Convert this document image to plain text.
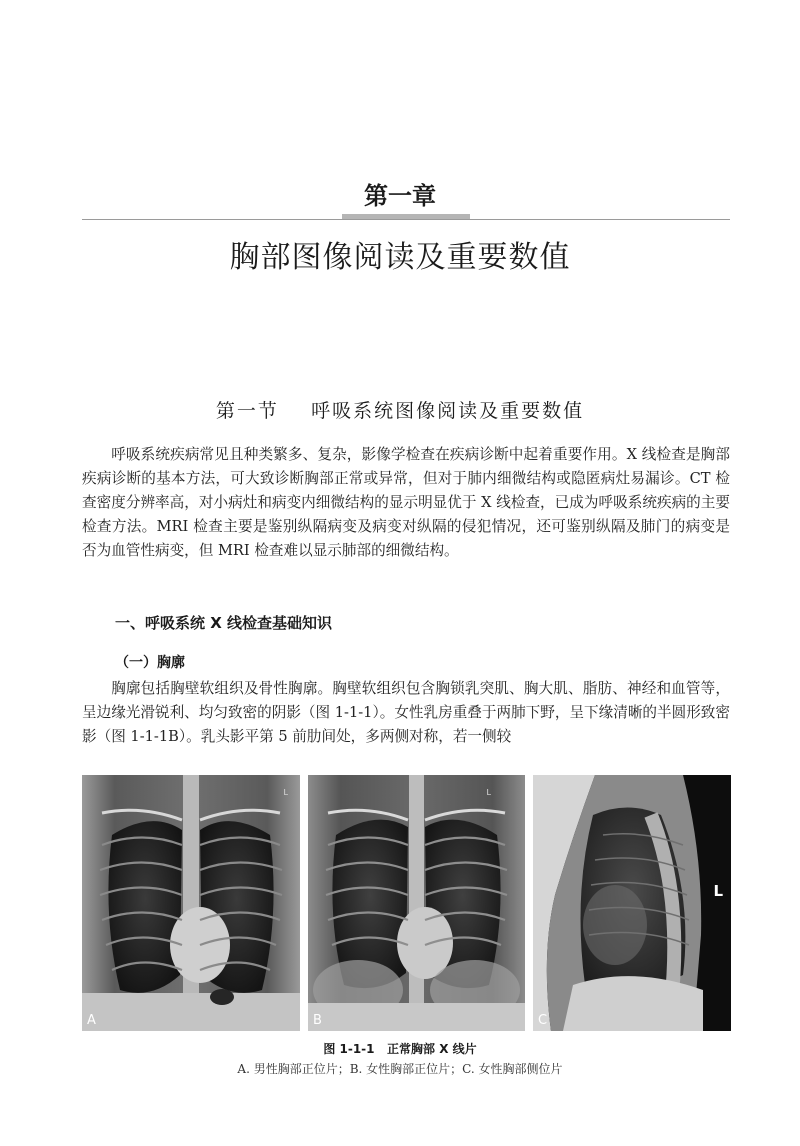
第一章
胸部图像阅读及重要数值
第一节    呼吸系统图像阅读及重要数值

呼吸系统疾病常见且种类繁多、复杂，影像学检查在疾病诊断中起着重要作用。X 线检查是胸部疾病诊断的基本方法，可大致诊断胸部正常或异常，但对于肺内细微结构或隐匿病灶易漏诊。CT 检查密度分辨率高，对小病灶和病变内细微结构的显示明显优于 X 线检查，已成为呼吸系统疾病的主要检查方法。MRI 检查主要是鉴别纵隔病变及病变对纵隔的侵犯情况，还可鉴别纵隔及肺门的病变是否为血管性病变，但 MRI 检查难以显示肺部的细微结构。

一、呼吸系统 X 线检查基础知识
（一）胸廓

胸廓包括胸壁软组织及骨性胸廓。胸壁软组织包含胸锁乳突肌、胸大肌、脂肪、神经和血管等，呈边缘光滑锐利、均匀致密的阴影（图 1-1-1）。女性乳房重叠于两肺下野，呈下缘清晰的半圆形致密影（图 1-1-1B）。乳头影平第 5 前肋间处，多两侧对称，若一侧较

L
A
L
B
L
C
图 1-1-1   正常胸部 X 线片
A. 男性胸部正位片；B. 女性胸部正位片；C. 女性胸部侧位片
